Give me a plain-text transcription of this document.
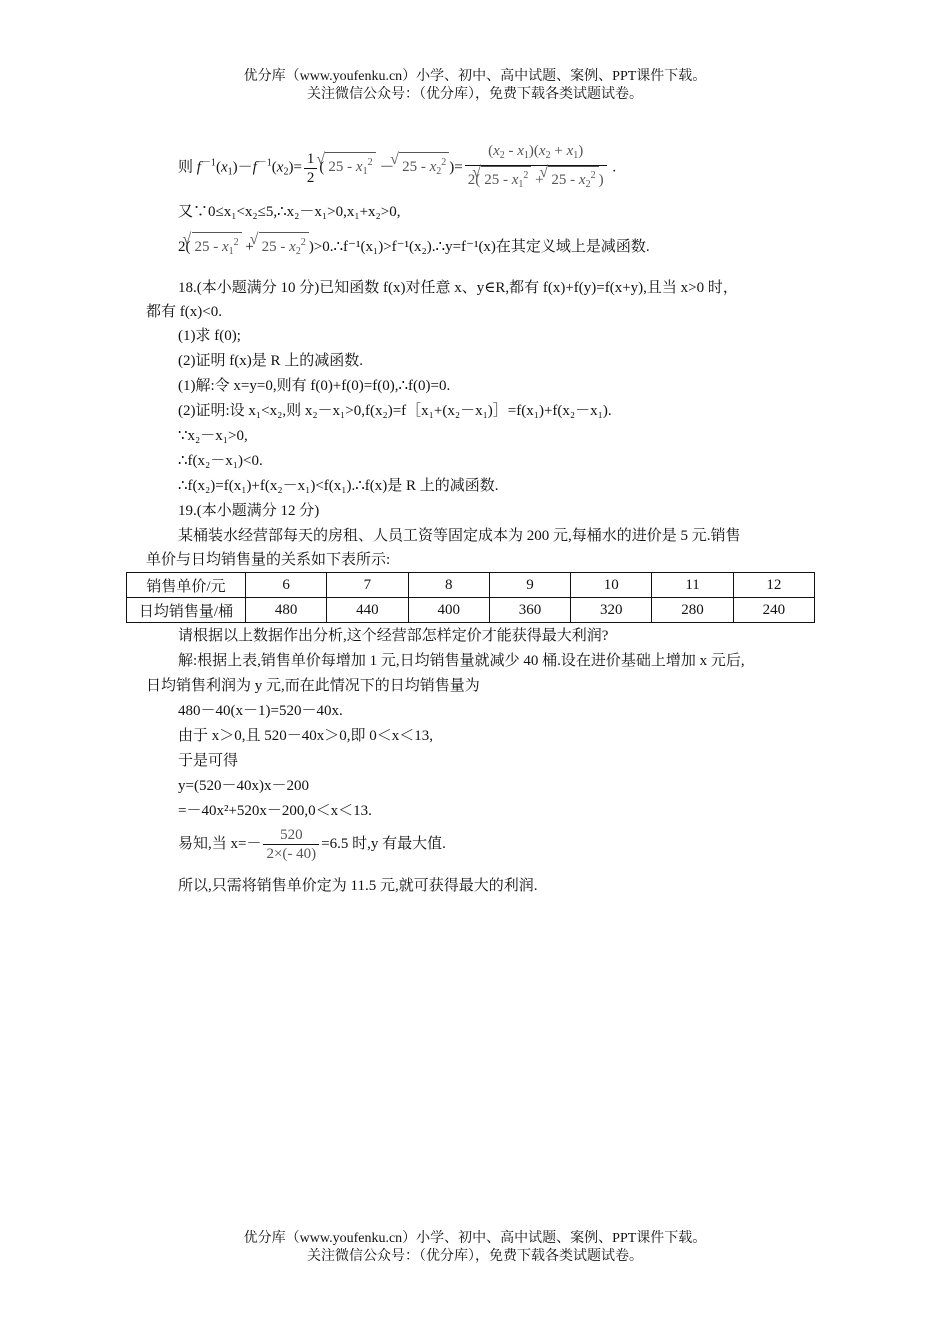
优分库（www.youfenku.cn）小学、初中、高中试题、案例、PPT课件下载。
关注微信公众号：（优分库），免费下载各类试题试卷。
则 $f^{-1}(x_1)-f^{-1}(x_2)= \frac{1}{2}$ ( √ $25 - x_1^2$ － √ $25 - x_2^2$ )= $\frac{(x_2 - x_1)(x_2 + x_1)}{2( √ 25 - x_1^2 + √ 25 - x_2^2 )}$ .
又∵0≤x₁<x₂≤5,∴x₂－x₁>0,x₁+x₂>0,
2( √ $25 - x_1^2$ + √ $25 - x_2^2$ )>0.∴f⁻¹(x₁)>f⁻¹(x₂).∴y=f⁻¹(x)在其定义域上是减函数.
18.(本小题满分 10 分)已知函数 f(x)对任意 x、y∈R,都有 f(x)+f(y)=f(x+y),且当 x>0 时，
都有 f(x)<0.
(1)求 f(0);
(2)证明 f(x)是 R 上的减函数.
(1)解:令 x=y=0,则有 f(0)+f(0)=f(0),∴f(0)=0.
(2)证明:设 x₁<x₂,则 x₂－x₁>0,f(x₂)=f［x₁+(x₂－x₁)］=f(x₁)+f(x₂－x₁).
∵x₂－x₁>0,
∴f(x₂－x₁)<0.
∴f(x₂)=f(x₁)+f(x₂－x₁)<f(x₁).∴f(x)是 R 上的减函数.
19.(本小题满分 12 分)
某桶装水经营部每天的房租、人员工资等固定成本为 200 元,每桶水的进价是 5 元.销售
单价与日均销售量的关系如下表所示:
销售单价/元	6	7	8	9	10	11	12
日均销售量/桶	480	440	400	360	320	280	240
请根据以上数据作出分析,这个经营部怎样定价才能获得最大利润?
解:根据上表,销售单价每增加 1 元,日均销售量就减少 40 桶.设在进价基础上增加 x 元后,
日均销售利润为 y 元,而在此情况下的日均销售量为
480－40(x－1)=520－40x.
由于 x＞0,且 520－40x＞0,即 0＜x＜13,
于是可得
y=(520－40x)x－200
=－40x²+520x－200,0＜x＜13.
易知,当 $x=- \frac{520}{2\times(- 40)} =6.5$ 时,y 有最大值.
所以,只需将销售单价定为 11.5 元,就可获得最大的利润.
优分库（www.youfenku.cn）小学、初中、高中试题、案例、PPT课件下载。
关注微信公众号：（优分库），免费下载各类试题试卷。
